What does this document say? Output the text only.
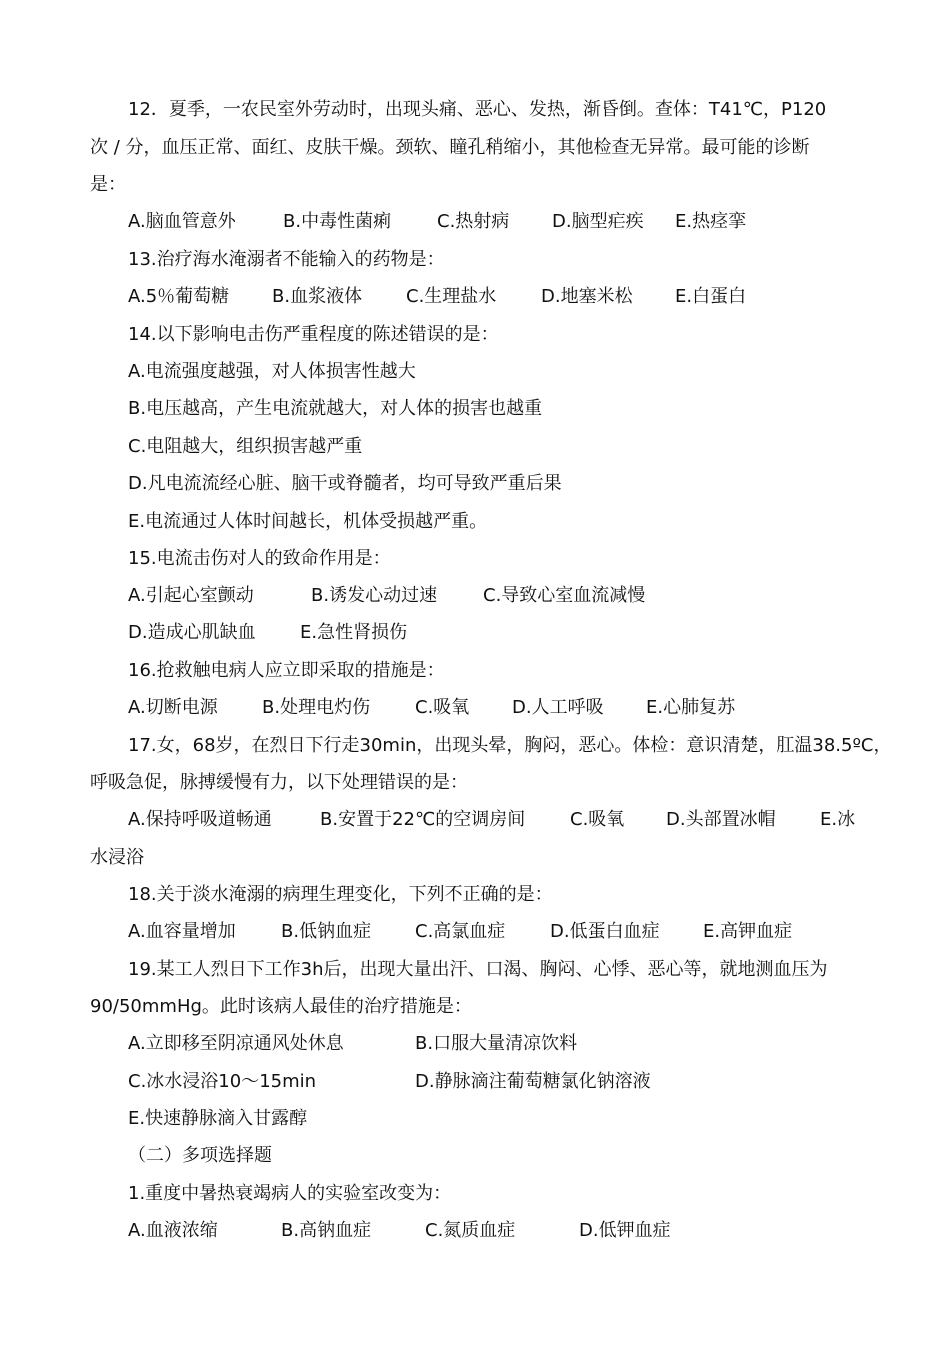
12．夏季，一农民室外劳动时，出现头痛、恶心、发热，渐昏倒。查体：T41℃，P120
次 / 分，血压正常、面红、皮肤干燥。颈软、瞳孔稍缩小，其他检查无异常。最可能的诊断
是：
A.脑血管意外	B.中毒性菌痢	C.热射病 D.脑型疟疾 E.热痉挛
13.治疗海水淹溺者不能输入的药物是：
A.5％葡萄糖 B.血浆液体 C.生理盐水 D.地塞米松 E.白蛋白
14.以下影响电击伤严重程度的陈述错误的是：
A.电流强度越强，对人体损害性越大
B.电压越高，产生电流就越大，对人体的损害也越重
C.电阻越大，组织损害越严重
D.凡电流流经心脏、脑干或脊髓者，均可导致严重后果
E.电流通过人体时间越长，机体受损越严重。
15.电流击伤对人的致命作用是：
A.引起心室颤动	B.诱发心动过速	C.导致心室血流减慢
D.造成心肌缺血 E.急性肾损伤
16.抢救触电病人应立即采取的措施是：
A.切断电源 B.处理电灼伤 C.吸氧 D.人工呼吸 E.心肺复苏
17.女，68岁，在烈日下行走30min，出现头晕，胸闷，恶心。体检：意识清楚，肛温38.5ºC，
呼吸急促，脉搏缓慢有力，以下处理错误的是：
A.保持呼吸道畅通	B.安置于22℃的空调房间 C.吸氧 D.头部置冰帽 E.冰
水浸浴
18.关于淡水淹溺的病理生理变化，下列不正确的是：
A.血容量增加	B.低钠血症 C.高氯血症 D.低蛋白血症 E.高钾血症
19.某工人烈日下工作3h后，出现大量出汗、口渴、胸闷、心悸、恶心等，就地测血压为
90/50mmHg。此时该病人最佳的治疗措施是：
A.立即移至阴凉通风处休息	B.口服大量清凉饮料
C.冰水浸浴10～15min	D.静脉滴注葡萄糖氯化钠溶液
E.快速静脉滴入甘露醇
（二）多项选择题
1.重度中暑热衰竭病人的实验室改变为：
A.血液浓缩	B.高钠血症	C.氮质血症	D.低钾血症
